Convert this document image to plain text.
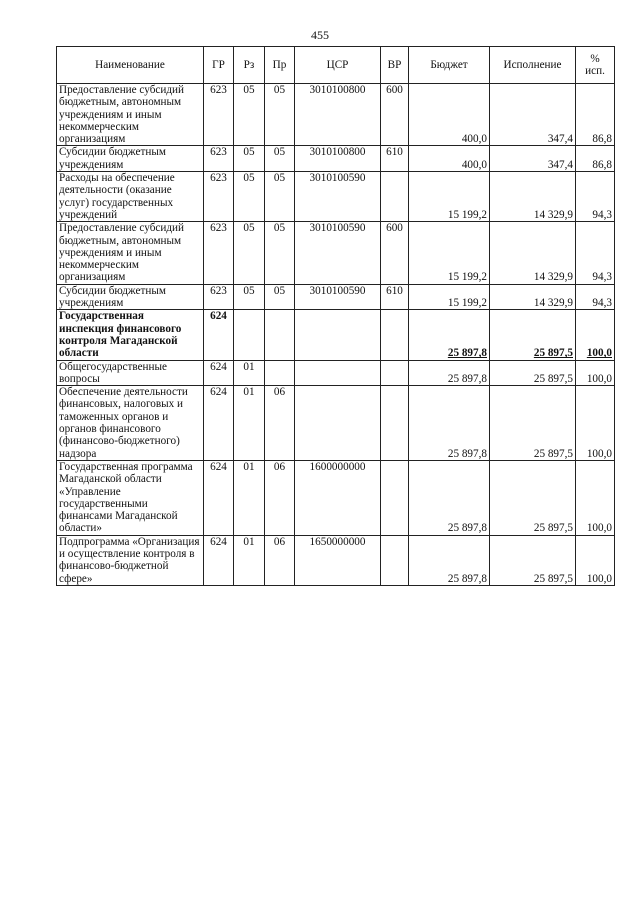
455
Наименование	ГР	Рз	Пр	ЦСР	ВР	Бюджет	Исполнение	%
исп.
Предоставление субсидий бюджетным, автономным учреждениям и иным некоммерческим организациям	623	05	05	3010100800	600	400,0	347,4	86,8
Субсидии бюджетным учреждениям	623	05	05	3010100800	610	400,0	347,4	86,8
Расходы на обеспечение деятельности (оказание услуг) государственных учреждений	623	05	05	3010100590		15 199,2	14 329,9	94,3
Предоставление субсидий бюджетным, автономным учреждениям и иным некоммерческим организациям	623	05	05	3010100590	600	15 199,2	14 329,9	94,3
Субсидии бюджетным учреждениям	623	05	05	3010100590	610	15 199,2	14 329,9	94,3
Государственная инспекция финансового контроля Магаданской области	624					25 897,8	25 897,5	100,0
Общегосударственные вопросы	624	01				25 897,8	25 897,5	100,0
Обеспечение деятельности финансовых, налоговых и таможенных органов и органов финансового (финансово-бюджетного) надзора	624	01	06			25 897,8	25 897,5	100,0
Государственная программа Магаданской области «Управление государственными финансами Магаданской области»	624	01	06	1600000000		25 897,8	25 897,5	100,0
Подпрограмма «Организация и осуществление контроля в финансово-бюджетной сфере»	624	01	06	1650000000		25 897,8	25 897,5	100,0
